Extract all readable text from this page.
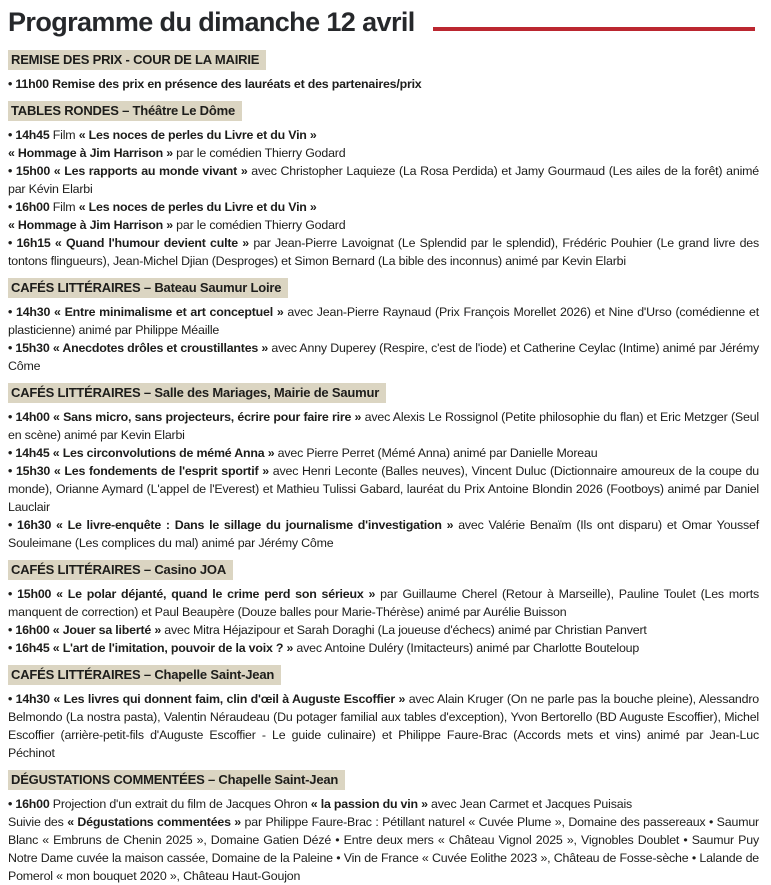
Programme du dimanche 12 avril
REMISE DES PRIX - COUR DE LA MAIRIE

• 11h00 Remise des prix en présence des lauréats et des partenaires/prix

TABLES RONDES – Théâtre Le Dôme

• 14h45 Film « Les noces de perles du Livre et du Vin »

« Hommage à Jim Harrison » par le comédien Thierry Godard

• 15h00 « Les rapports au monde vivant » avec Christopher Laquieze (La Rosa Perdida) et Jamy Gourmaud (Les ailes de la forêt) animé par Kévin Elarbi

• 16h00 Film « Les noces de perles du Livre et du Vin »

« Hommage à Jim Harrison » par le comédien Thierry Godard

• 16h15 « Quand l'humour devient culte » par Jean-Pierre Lavoignat (Le Splendid par le splendid), Frédéric Pouhier (Le grand livre des tontons flingueurs), Jean-Michel Djian (Desproges) et Simon Bernard (La bible des inconnus) animé par Kevin Elarbi

CAFÉS LITTÉRAIRES – Bateau Saumur Loire

• 14h30 « Entre minimalisme et art conceptuel » avec Jean-Pierre Raynaud (Prix François Morellet 2026) et Nine d'Urso (comédienne et plasticienne) animé par Philippe Méaille

• 15h30 « Anecdotes drôles et croustillantes » avec Anny Duperey (Respire, c'est de l'iode) et Catherine Ceylac (Intime) animé par Jérémy Côme

CAFÉS LITTÉRAIRES – Salle des Mariages, Mairie de Saumur

• 14h00 « Sans micro, sans projecteurs, écrire pour faire rire » avec Alexis Le Rossignol (Petite philosophie du flan) et Eric Metzger (Seul en scène) animé par Kevin Elarbi

• 14h45 « Les circonvolutions de mémé Anna » avec Pierre Perret (Mémé Anna) animé par Danielle Moreau

• 15h30 « Les fondements de l'esprit sportif » avec Henri Leconte (Balles neuves), Vincent Duluc (Dictionnaire amoureux de la coupe du monde), Orianne Aymard (L'appel de l'Everest) et Mathieu Tulissi Gabard, lauréat du Prix Antoine Blondin 2026 (Footboys) animé par Daniel Lauclair

• 16h30 « Le livre-enquête : Dans le sillage du journalisme d'investigation » avec Valérie Benaïm (Ils ont disparu) et Omar Youssef Souleimane (Les complices du mal) animé par Jérémy Côme

CAFÉS LITTÉRAIRES – Casino JOA

• 15h00 « Le polar déjanté, quand le crime perd son sérieux » par Guillaume Cherel (Retour à Marseille), Pauline Toulet (Les morts manquent de correction) et Paul Beaupère (Douze balles pour Marie-Thérèse) animé par Aurélie Buisson

• 16h00 « Jouer sa liberté » avec Mitra Héjazipour et Sarah Doraghi (La joueuse d'échecs) animé par Christian Panvert

• 16h45 « L'art de l'imitation, pouvoir de la voix ? » avec Antoine Duléry (Imitacteurs) animé par Charlotte Bouteloup

CAFÉS LITTÉRAIRES – Chapelle Saint-Jean

• 14h30 « Les livres qui donnent faim, clin d'œil à Auguste Escoffier » avec Alain Kruger (On ne parle pas la bouche pleine), Alessandro Belmondo (La nostra pasta), Valentin Néraudeau (Du potager familial aux tables d'exception), Yvon Bertorello (BD Auguste Escoffier), Michel Escoffier (arrière-petit-fils d'Auguste Escoffier - Le guide culinaire) et Philippe Faure-Brac (Accords mets et vins) animé par Jean-Luc Péchinot

DÉGUSTATIONS COMMENTÉES – Chapelle Saint-Jean

• 16h00 Projection d'un extrait du film de Jacques Ohron « la passion du vin » avec Jean Carmet et Jacques Puisais

Suivie des « Dégustations commentées » par Philippe Faure-Brac : Pétillant naturel « Cuvée Plume », Domaine des passereaux • Saumur Blanc « Embruns de Chenin 2025 », Domaine Gatien Dézé • Entre deux mers « Château Vignol 2025 », Vignobles Doublet • Saumur Puy Notre Dame cuvée la maison cassée, Domaine de la Paleine • Vin de France « Cuvée Eolithe 2023 », Château de Fosse-sèche • Lalande de Pomerol « mon bouquet 2020 », Château Haut-Goujon
